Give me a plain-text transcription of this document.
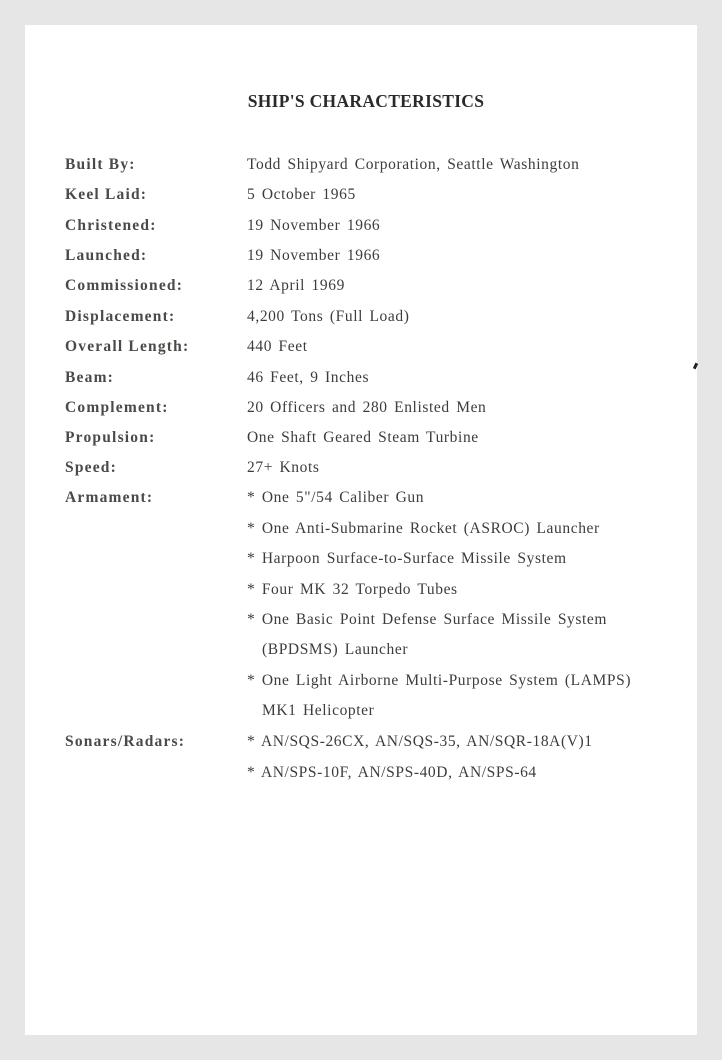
SHIP'S CHARACTERISTICS
Built By:	Todd Shipyard Corporation, Seattle Washington
Keel Laid:	5 October 1965
Christened:	19 November 1966
Launched:	19 November 1966
Commissioned:	12 April 1969
Displacement:	4,200 Tons (Full Load)
Overall Length:	440 Feet
Beam:	46 Feet, 9 Inches
Complement:	20 Officers and 280 Enlisted Men
Propulsion:	One Shaft Geared Steam Turbine
Speed:	27+ Knots
Armament:	* One 5"/54 Caliber Gun
* One Anti-Submarine Rocket (ASROC) Launcher
* Harpoon Surface-to-Surface Missile System
* Four MK 32 Torpedo Tubes
* One Basic Point Defense Surface Missile System
(BPDSMS) Launcher
* One Light Airborne Multi-Purpose System (LAMPS)
MK1 Helicopter
Sonars/Radars:	* AN/SQS-26CX, AN/SQS-35, AN/SQR-18A(V)1
* AN/SPS-10F, AN/SPS-40D, AN/SPS-64
